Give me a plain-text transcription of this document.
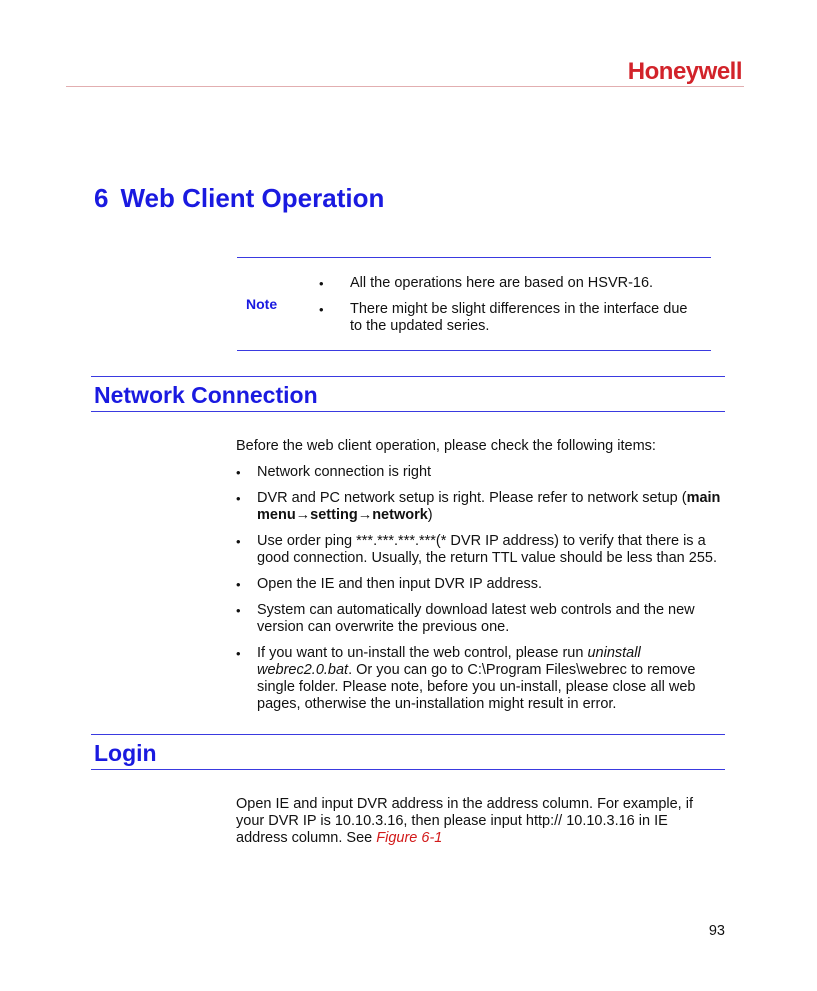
Honeywell
6 Web Client Operation
Note
• All the operations here are based on HSVR-16.
• There might be slight differences in the interface due to the updated series.
Network Connection
Before the web client operation, please check the following items:
• Network connection is right
• DVR and PC network setup is right. Please refer to network setup (main menu→setting→network)
• Use order ping ***.***.***.***(* DVR IP address) to verify that there is a good connection. Usually, the return TTL value should be less than 255.
• Open the IE and then input DVR IP address.
• System can automatically download latest web controls and the new version can overwrite the previous one.
• If you want to un-install the web control, please run uninstall webrec2.0.bat. Or you can go to C:\Program Files\webrec to remove single folder. Please note, before you un-install, please close all web pages, otherwise the un-installation might result in error.
Login
Open IE and input DVR address in the address column. For example, if your DVR IP is 10.10.3.16, then please input http:// 10.10.3.16 in IE address column. See Figure 6-1
93
